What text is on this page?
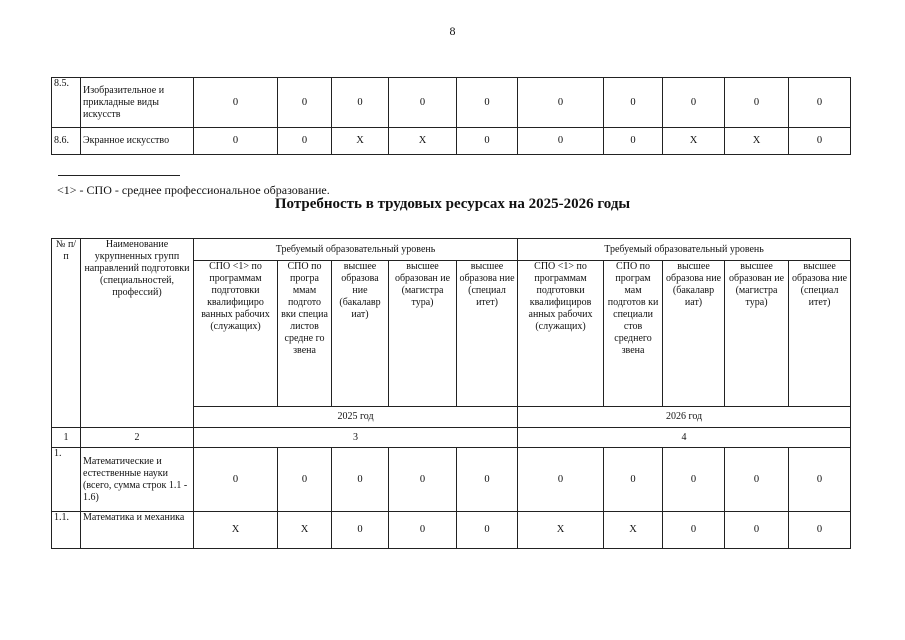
8
8.5.	Изобразительное и прикладные виды искусств	0	0	0	0	0	0	0	0	0	0
8.6.	Экранное искусство	0	0	Х	Х	0	0	0	Х	Х	0
<1> - СПО - среднее профессиональное образование.
Потребность в трудовых ресурсах на 2025-2026 годы
№ п/п	Наименование укрупненных групп направлений подготовки (специальностей, профессий)	Требуемый образовательный уровень					Требуемый образовательный уровень				
		СПО <1> по программам подготовки квалифициро ванных рабочих (служащих)	СПО по програ ммам подгото вки специа листов средне го звена	высшее образова ние (бакалавр иат)	высшее образован ие (магистра тура)	высшее образова ние (специал итет)	СПО <1> по программам подготовки квалифициров анных рабочих (служащих)	СПО по програм мам подготов ки специали стов среднего звена	высшее образова ние (бакалавр иат)	высшее образован ие (магистра тура)	высшее образова ние (специал итет)
		2025 год					2026 год				
1	2	3					4				
1.	Математические и естественные науки (всего, сумма строк 1.1 - 1.6)	0	0	0	0	0	0	0	0	0	0
1.1.	Математика и механика	Х	Х	0	0	0	Х	Х	0	0	0
